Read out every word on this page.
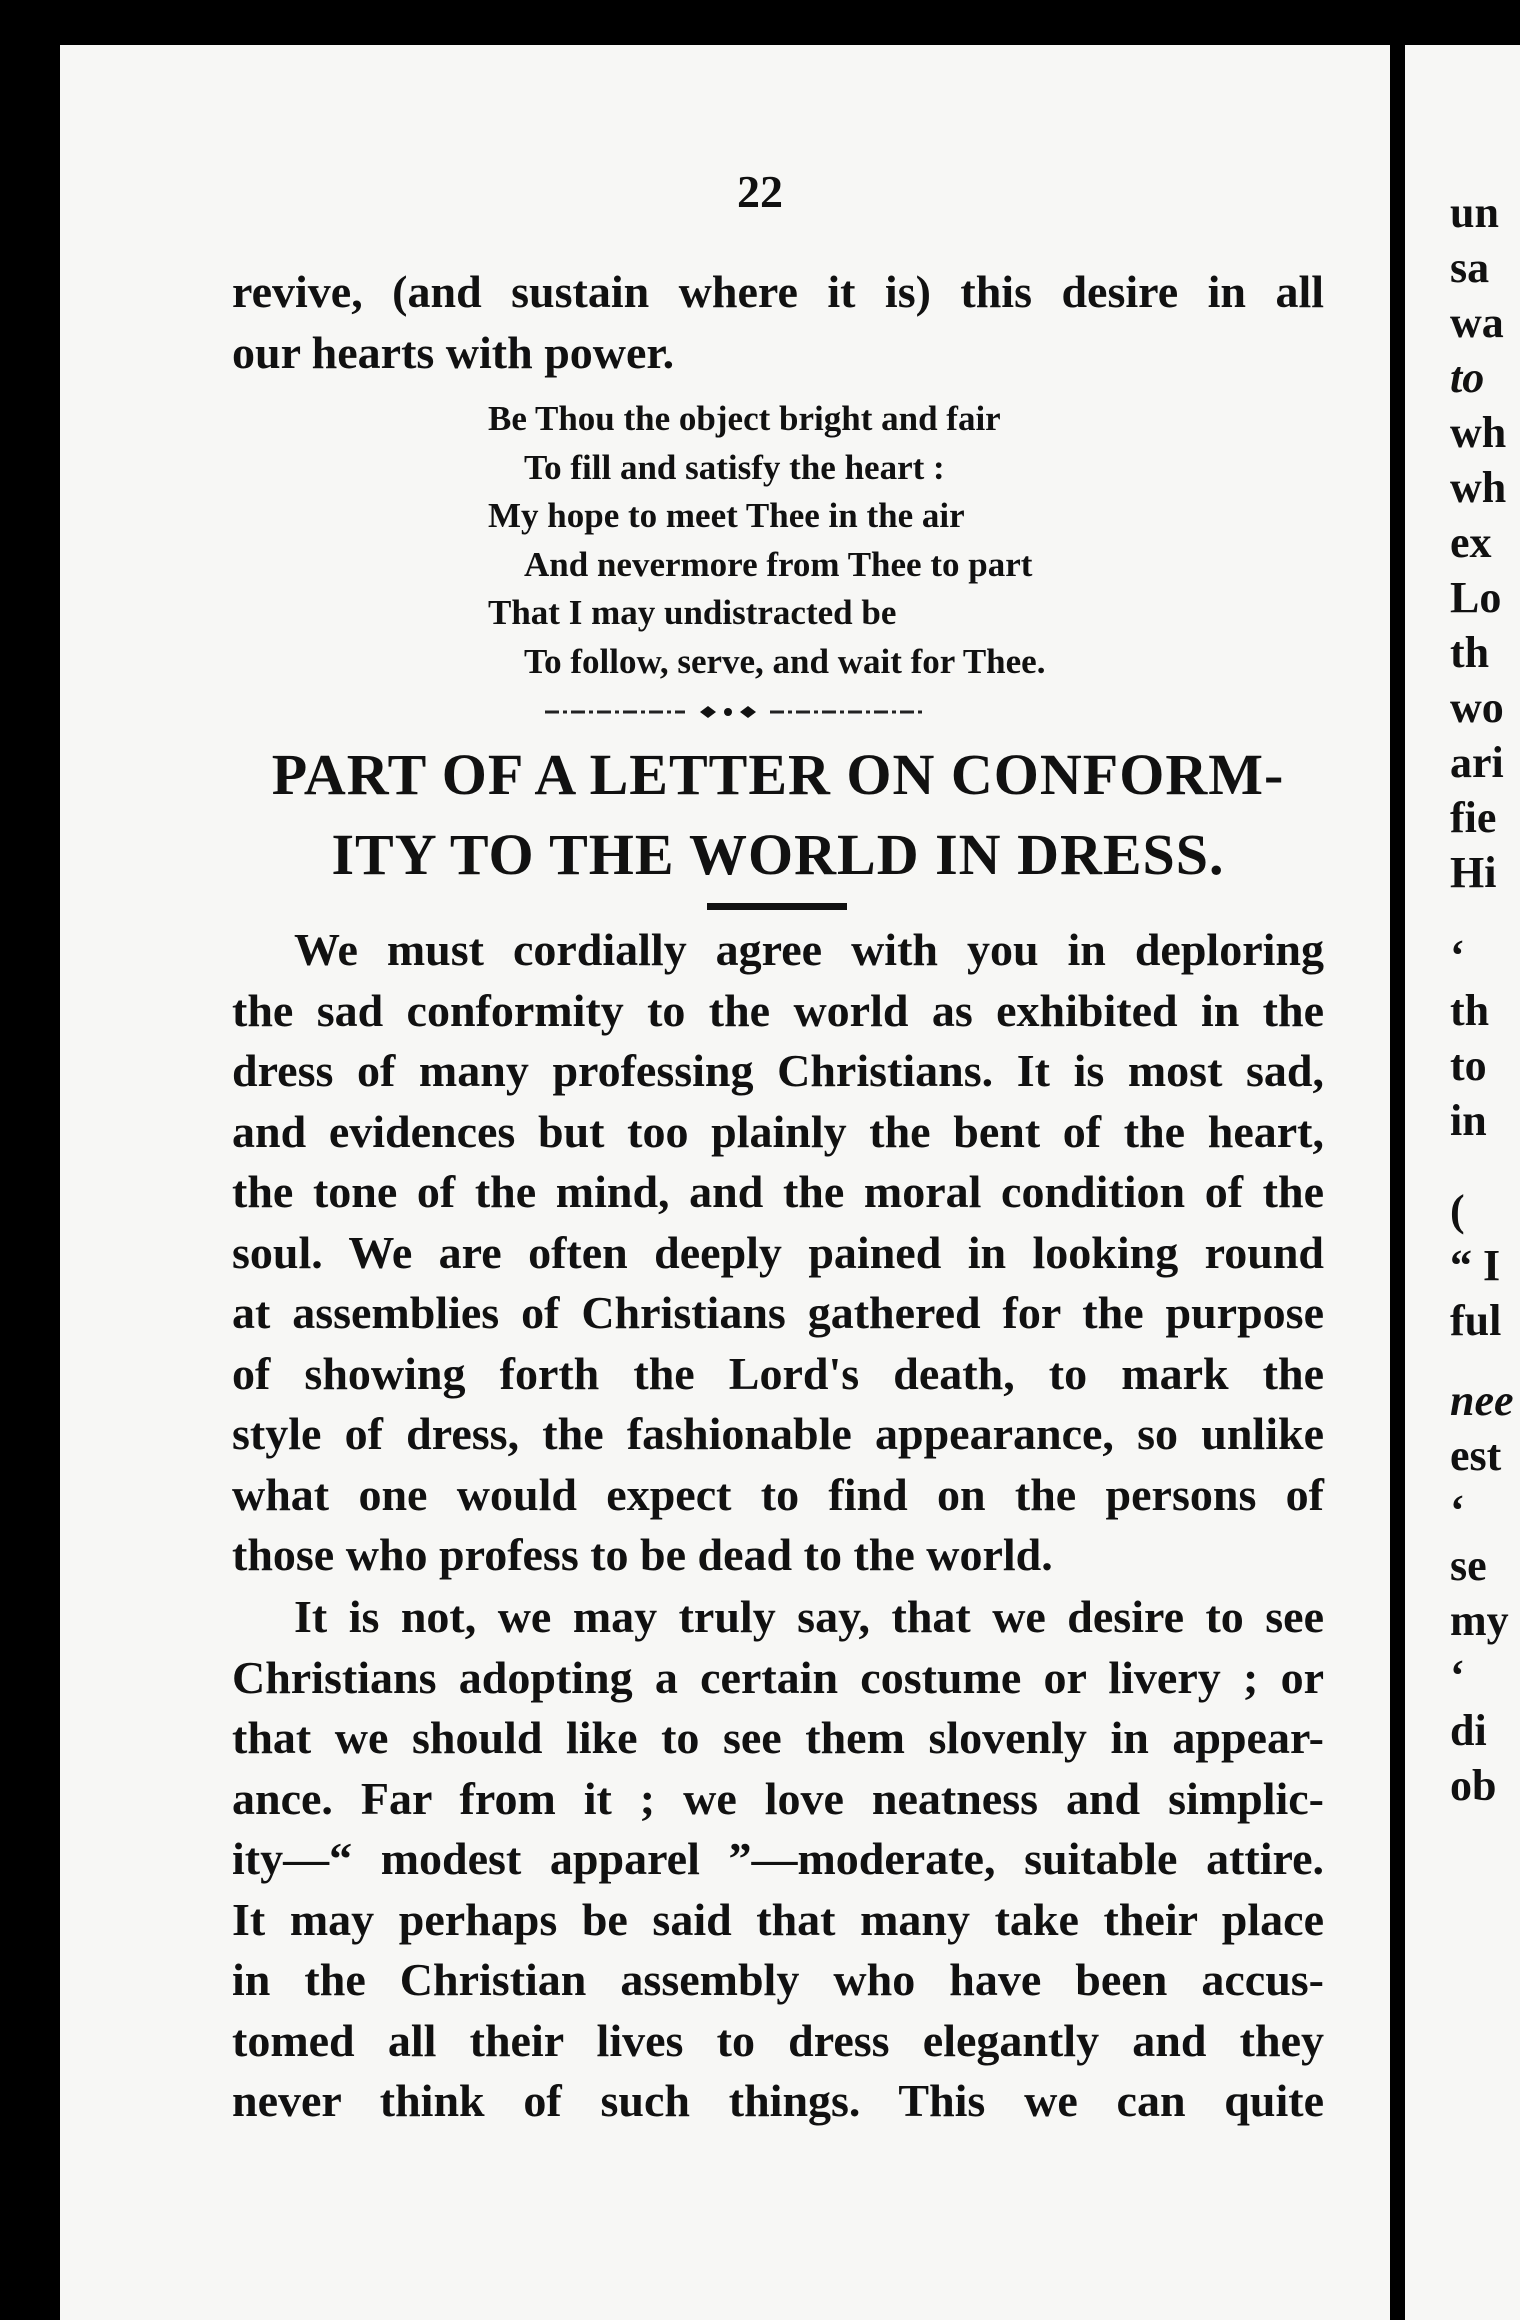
un
sa
wa
to
wh
wh
ex
Lo
th
wo
ari
fie
Hi
‘
th
to
in
(
“ I
ful
nee
est
‘
se
my
‘
di
ob
22
revive, (and sustain where it is) this desire in all
our hearts with power.
Be Thou the object bright and fair
To fill and satisfy the heart :
My hope to meet Thee in the air
And nevermore from Thee to part
That I may undistracted be
To follow, serve, and wait for Thee.
PART OF A LETTER ON CONFORM-
ITY TO THE WORLD IN DRESS.
We must cordially agree with you in deploring
the sad conformity to the world as exhibited in the
dress of many professing Christians. It is most sad,
and evidences but too plainly the bent of the heart,
the tone of the mind, and the moral condition of the
soul. We are often deeply pained in looking round
at assemblies of Christians gathered for the purpose
of showing forth the Lord's death, to mark the
style of dress, the fashionable appearance, so unlike
what one would expect to find on the persons of
those who profess to be dead to the world.
It is not, we may truly say, that we desire to see
Christians adopting a certain costume or livery ; or
that we should like to see them slovenly in appear-
ance. Far from it ; we love neatness and simplic-
ity—“ modest apparel ”—moderate, suitable attire.
It may perhaps be said that many take their place
in the Christian assembly who have been accus-
tomed all their lives to dress elegantly and they
never think of such things. This we can quite
